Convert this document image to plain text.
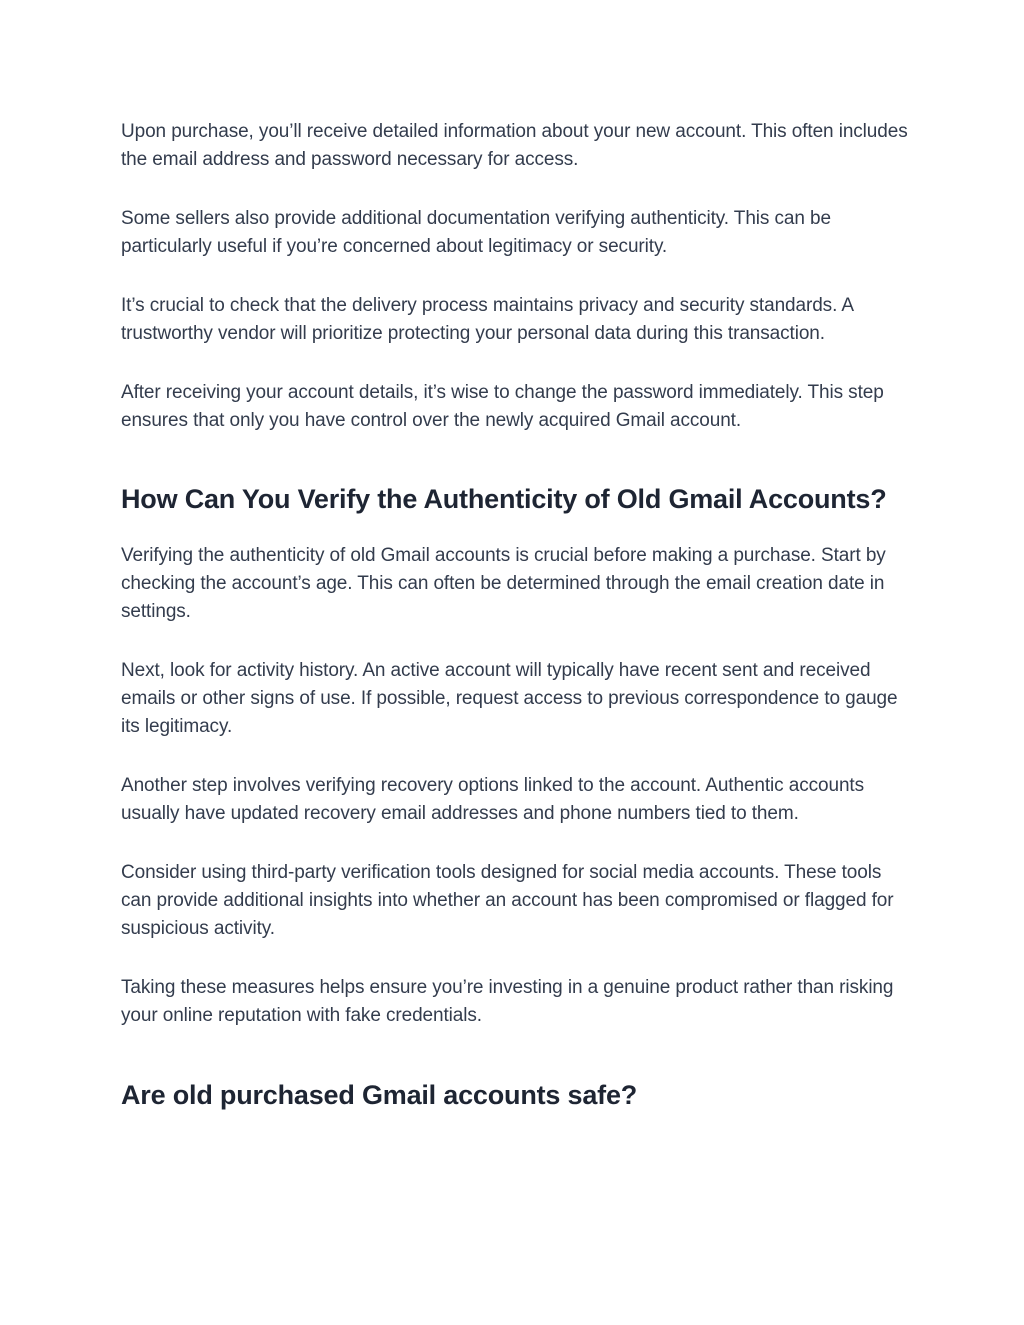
Upon purchase, you’ll receive detailed information about your new account. This often includes the email address and password necessary for access.

Some sellers also provide additional documentation verifying authenticity. This can be particularly useful if you’re concerned about legitimacy or security.

It’s crucial to check that the delivery process maintains privacy and security standards. A trustworthy vendor will prioritize protecting your personal data during this transaction.

After receiving your account details, it’s wise to change the password immediately. This step ensures that only you have control over the newly acquired Gmail account.

How Can You Verify the Authenticity of Old Gmail Accounts?

Verifying the authenticity of old Gmail accounts is crucial before making a purchase. Start by checking the account’s age. This can often be determined through the email creation date in settings.

Next, look for activity history. An active account will typically have recent sent and received emails or other signs of use. If possible, request access to previous correspondence to gauge its legitimacy.

Another step involves verifying recovery options linked to the account. Authentic accounts usually have updated recovery email addresses and phone numbers tied to them.

Consider using third-party verification tools designed for social media accounts. These tools can provide additional insights into whether an account has been compromised or flagged for suspicious activity.

Taking these measures helps ensure you’re investing in a genuine product rather than risking your online reputation with fake credentials.

Are old purchased Gmail accounts safe?
